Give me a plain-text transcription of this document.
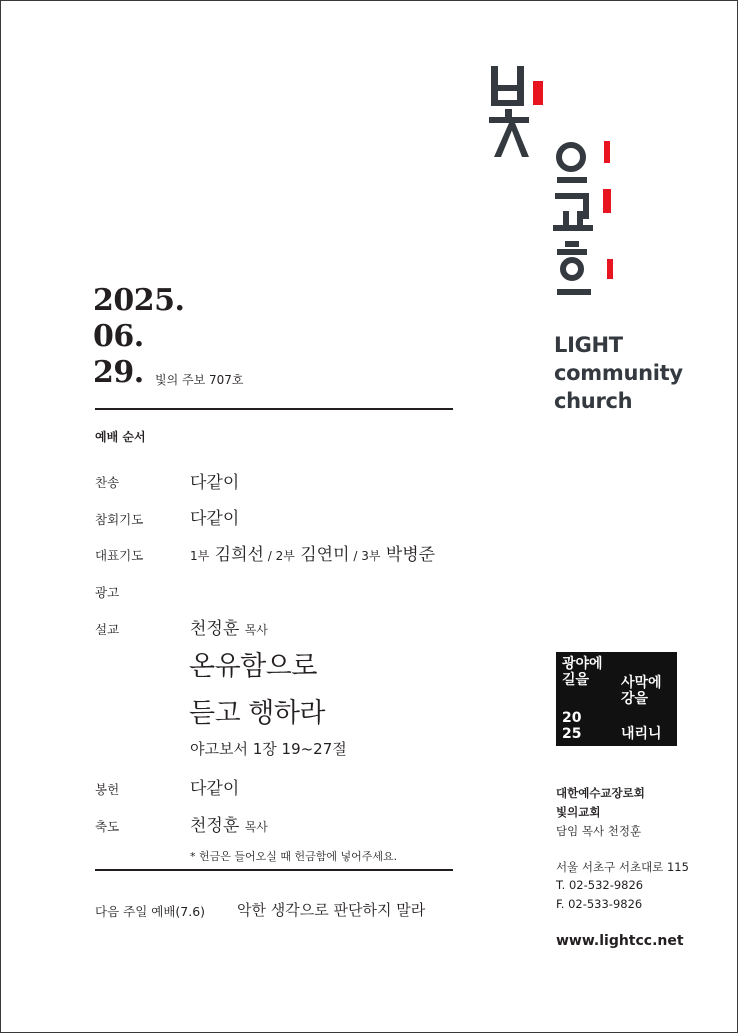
LIGHT
community
church
2025.
06.
29. 빛의 주보 707호
예배 순서
찬송	다같이
참회기도	다같이
대표기도	1부 김희선 / 2부 김연미 / 3부 박병준
광고
설교	천정훈 목사
온유함으로
듣고 행하라
야고보서 1장 19~27절
봉헌	다같이
축도	천정훈 목사
* 헌금은 들어오실 때 헌금함에 넣어주세요.
다음 주일 예배(7.6) 악한 생각으로 판단하지 말라
광야에
길을 사막에
강을
20
25	내리니
대한예수교장로회
빛의교회
담임 목사 천정훈
서울 서초구 서초대로 115
T. 02-532-9826
F. 02-533-9826
www.lightcc.net
